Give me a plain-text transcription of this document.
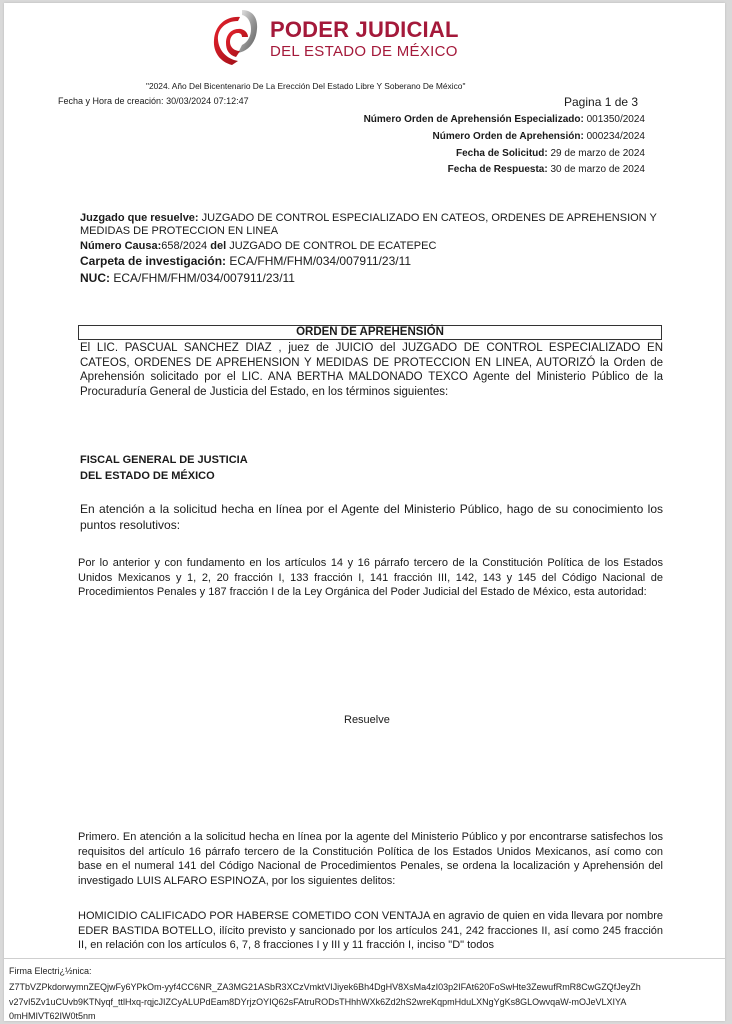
PODER JUDICIAL
DEL ESTADO DE MÉXICO
"2024. Año Del Bicentenario De La Erección Del Estado Libre Y Soberano De México"
Fecha y Hora de creación: 30/03/2024 07:12:47	Pagina 1 de 3
Número Orden de Aprehensión Especializado: 001350/2024
Número Orden de Aprehensión: 000234/2024
Fecha de Solicitud: 29 de marzo de 2024
Fecha de Respuesta: 30 de marzo de 2024
Juzgado que resuelve: JUZGADO DE CONTROL ESPECIALIZADO EN CATEOS, ORDENES DE APREHENSION Y MEDIDAS DE PROTECCION EN LINEA
Número Causa:658/2024 del JUZGADO DE CONTROL DE ECATEPEC
Carpeta de investigación: ECA/FHM/FHM/034/007911/23/11
NUC: ECA/FHM/FHM/034/007911/23/11
ORDEN DE APREHENSIÓN
El LIC. PASCUAL SANCHEZ DIAZ , juez de JUICIO del JUZGADO DE CONTROL ESPECIALIZADO EN CATEOS, ORDENES DE APREHENSION Y MEDIDAS DE PROTECCION EN LINEA, AUTORIZÓ la Orden de Aprehensión solicitado por el LIC. ANA BERTHA MALDONADO TEXCO Agente del Ministerio Público de la Procuraduría General de Justicia del Estado, en los términos siguientes:
FISCAL GENERAL DE JUSTICIA
DEL ESTADO DE MÉXICO
En atención a la solicitud hecha en línea por el Agente del Ministerio Público, hago de su conocimiento los puntos resolutivos:
Por lo anterior y con fundamento en los artículos 14 y 16 párrafo tercero de la Constitución Política de los Estados Unidos Mexicanos y 1, 2, 20 fracción I, 133 fracción I, 141 fracción III, 142, 143 y 145 del Código Nacional de Procedimientos Penales y 187 fracción I de la Ley Orgánica del Poder Judicial del Estado de México, esta autoridad:
Resuelve
Primero. En atención a la solicitud hecha en línea por la agente del Ministerio Público y por encontrarse satisfechos los requisitos del artículo 16 párrafo tercero de la Constitución Política de los Estados Unidos Mexicanos, así como con base en el numeral 141 del Código Nacional de Procedimientos Penales, se ordena la localización y Aprehensión del investigado LUIS ALFARO ESPINOZA, por los siguientes delitos:
HOMICIDIO CALIFICADO POR HABERSE COMETIDO CON VENTAJA en agravio de quien en vida llevara por nombre EDER BASTIDA BOTELLO, ilícito previsto y sancionado por los artículos 241, 242 fracciones II, así como 245 fracción II, en relación con los artículos 6, 7, 8 fracciones I y III y 11 fracción I, inciso "D" todos
Firma Electri¿½nica:
Z7TbVZPkdorwymnZEQjwFy6YPkOm-yyf4CC6NR_ZA3MG21ASbR3XCzVmktVIJiyek6Bh4DgHV8XsMa4zI03p2IFAt620FoSwHte3ZewufRmR8CwGZQfJeyZh
v27vI5Zv1uCUvb9KTNyqf_ttlHxq-rqjcJIZCyALUPdEam8DYrjzOYIQ62sFAtruRODsTHhhWXk6Zd2hS2wreKqpmHduLXNgYgKs8GLOwvqaW-mOJeVLXIYA
0mHMIVT62IW0t5nm
